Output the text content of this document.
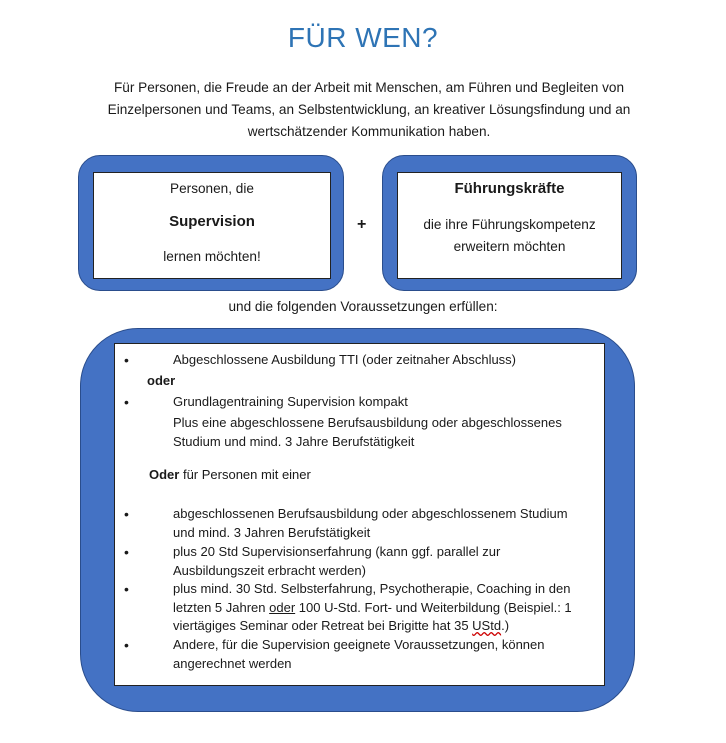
FÜR WEN?
Für Personen, die Freude an der Arbeit mit Menschen, am Führen und Begleiten von Einzelpersonen und Teams, an Selbstentwicklung, an kreativer Lösungsfindung und an wertschätzender Kommunikation haben.
Personen, die
Supervision
lernen möchten!
+
Führungskräfte
die ihre Führungskompetenz
erweitern möchten
und die folgenden Voraussetzungen erfüllen:
Abgeschlossene Ausbildung TTI (oder zeitnaher Abschluss)
oder
Grundlagentraining Supervision kompakt
Plus eine abgeschlossene Berufsausbildung oder abgeschlossenes
Studium und mind. 3 Jahre Berufstätigkeit
Oder für Personen mit einer
abgeschlossenen Berufsausbildung oder abgeschlossenem Studium
und mind. 3 Jahren Berufstätigkeit
plus 20 Std Supervisionserfahrung (kann ggf. parallel zur
Ausbildungszeit erbracht werden)
plus mind. 30 Std. Selbsterfahrung, Psychotherapie, Coaching in den
letzten 5 Jahren oder 100 U-Std. Fort- und Weiterbildung (Beispiel.: 1
viertägiges Seminar oder Retreat bei Brigitte hat 35 UStd.)
Andere, für die Supervision geeignete Voraussetzungen, können
angerechnet werden
